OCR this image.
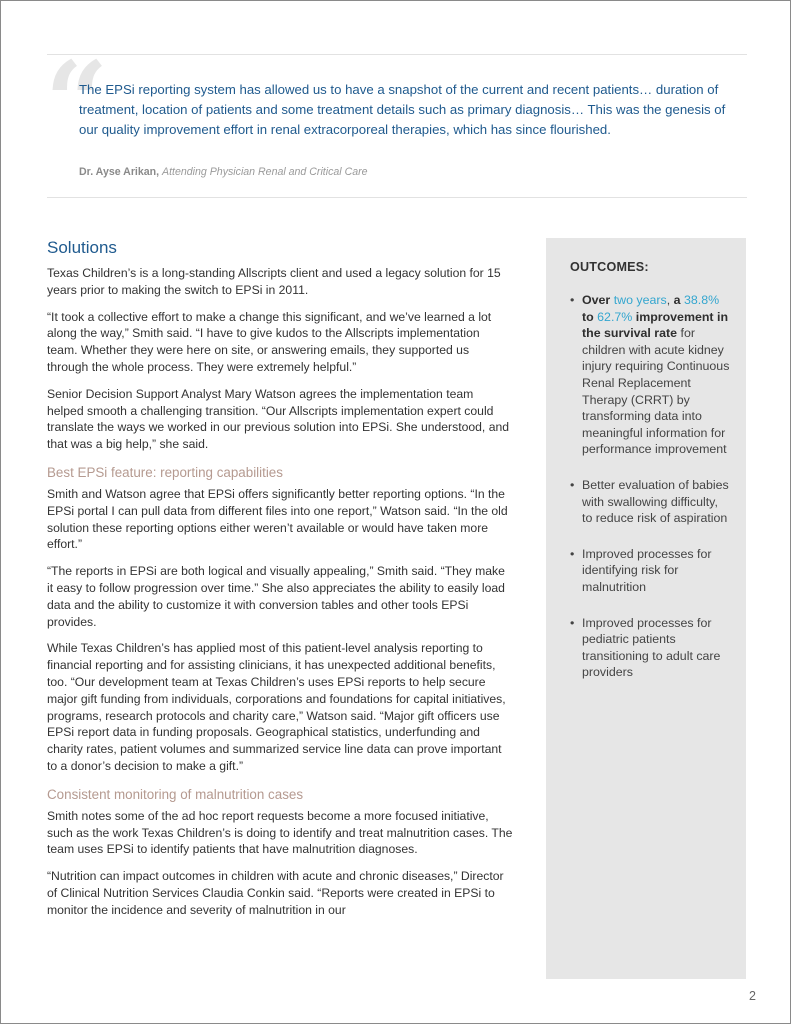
“
The EPSi reporting system has allowed us to have a snapshot of the current and recent patients… duration of treatment, location of patients and some treatment details such as primary diagnosis… This was the genesis of our quality improvement effort in renal extracorporeal therapies, which has since flourished.
Dr. Ayse Arikan, Attending Physician Renal and Critical Care
Solutions

Texas Children’s is a long-standing Allscripts client and used a legacy solution for 15 years prior to making the switch to EPSi in 2011.

“It took a collective effort to make a change this significant, and we’ve learned a lot along the way,” Smith said. “I have to give kudos to the Allscripts implementation team. Whether they were here on site, or answering emails, they supported us through the whole process. They were extremely helpful.”

Senior Decision Support Analyst Mary Watson agrees the implementation team helped smooth a challenging transition. “Our Allscripts implementation expert could translate the ways we worked in our previous solution into EPSi. She understood, and that was a big help,” she said.

Best EPSi feature: reporting capabilities

Smith and Watson agree that EPSi offers significantly better reporting options. “In the EPSi portal I can pull data from different files into one report,” Watson said. “In the old solution these reporting options either weren’t available or would have taken more effort.”

“The reports in EPSi are both logical and visually appealing,” Smith said. “They make it easy to follow progression over time.” She also appreciates the ability to easily load data and the ability to customize it with conversion tables and other tools EPSi provides.

While Texas Children’s has applied most of this patient-level analysis reporting to financial reporting and for assisting clinicians, it has unexpected additional benefits, too. “Our development team at Texas Children’s uses EPSi reports to help secure major gift funding from individuals, corporations and foundations for capital initiatives, programs, research protocols and charity care,” Watson said. “Major gift officers use EPSi report data in funding proposals. Geographical statistics, underfunding and charity rates, patient volumes and summarized service line data can prove important to a donor’s decision to make a gift.”

Consistent monitoring of malnutrition cases

Smith notes some of the ad hoc report requests become a more focused initiative, such as the work Texas Children’s is doing to identify and treat malnutrition cases. The team uses EPSi to identify patients that have malnutrition diagnoses.

“Nutrition can impact outcomes in children with acute and chronic diseases,” Director of Clinical Nutrition Services Claudia Conkin said. “Reports were created in EPSi to monitor the incidence and severity of malnutrition in our

OUTCOMES:
• Over two years, a 38.8% to 62.7% improvement in the survival rate for children with acute kidney injury requiring Continuous Renal Replacement Therapy (CRRT) by transforming data into meaningful information for performance improvement
• Better evaluation of babies with swallowing difficulty, to reduce risk of aspiration
• Improved processes for identifying risk for malnutrition
• Improved processes for pediatric patients transitioning to adult care providers
2
